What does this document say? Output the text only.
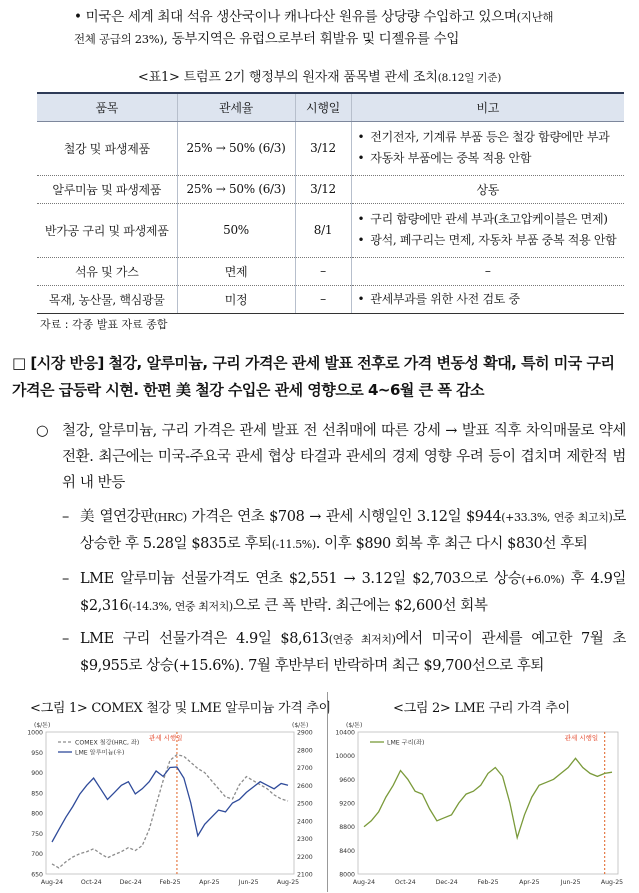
• 미국은 세계 최대 석유 생산국이나 캐나다산 원유를 상당량 수입하고 있으며(지난해
전체 공급의 23%), 동부지역은 유럽으로부터 휘발유 및 디젤유를 수입
<표1> 트럼프 2기 행정부의 원자재 품목별 관세 조치(8.12일 기준)
품목	관세율	시행일	비고
철강 및 파생제품	25% → 50% (6/3)	3/12	• 전기전자, 기계류 부품 등은 철강 함량에만 부과
• 자동차 부품에는 중복 적용 안함

알루미늄 및 파생제품	25% → 50% (6/3)	3/12	상동
반가공 구리 및 파생제품	50%	8/1	• 구리 함량에만 관세 부과(초고압케이블은 면제)
• 광석, 폐구리는 면제, 자동차 부품 중복 적용 안함

석유 및 가스	면제	–	–
목재, 농산물, 핵심광물	미정	–	• 관세부과를 위한 사전 검토 중
자료 : 각종 발표 자료 종합
□ [시장 반응] 철강, 알루미늄, 구리 가격은 관세 발표 전후로 가격 변동성 확대, 특히 미국 구리 가격은 급등락 시현. 한편 美 철강 수입은 관세 영향으로 4~6월 큰 폭 감소
○ 철강, 알루미늄, 구리 가격은 관세 발표 전 선취매에 따른 강세 → 발표 직후 차익매물로 약세 전환. 최근에는 미국-주요국 관세 협상 타결과 관세의 경제 영향 우려 등이 겹치며 제한적 범위 내 반등
– 美 열연강판(HRC) 가격은 연초 $708 → 관세 시행일인 3.12일 $944(+33.3%, 연중 최고치)로 상승한 후 5.28일 $835로 후퇴(-11.5%). 이후 $890 회복 후 최근 다시 $830선 후퇴
– LME 알루미늄 선물가격도 연초 $2,551 → 3.12일 $2,703으로 상승(+6.0%) 후 4.9일 $2,316(-14.3%, 연중 최저치)으로 큰 폭 반락. 최근에는 $2,600선 회복
– LME 구리 선물가격은 4.9일 $8,613(연중 최저치)에서 미국이 관세를 예고한 7월 초 $9,955로 상승(+15.6%). 7월 후반부터 반락하며 최근 $9,700선으로 후퇴
<그림 1> COMEX 철강 및 LME 알루미늄 가격 추이	<그림 2> LME 구리 가격 추이
1000
950
900
850
800
750
700
650
($/톤)
2900
2800
2700
2600
2500
2400
2300
2200
2100
($/톤)
Aug-24	Oct-24	Dec-24	Feb-25	Apr-25	Jun-25	Aug-25
관세 시행일
COMEX 철강(HRC, 좌)
LME 알루미늄(우)
10400
10000
9600
9200
8800
8400
8000
($/톤)
Aug-24	Oct-24	Dec-24	Feb-25	Apr-25	Jun-25	Aug-25
관세 시행일
LME 구리(좌)
